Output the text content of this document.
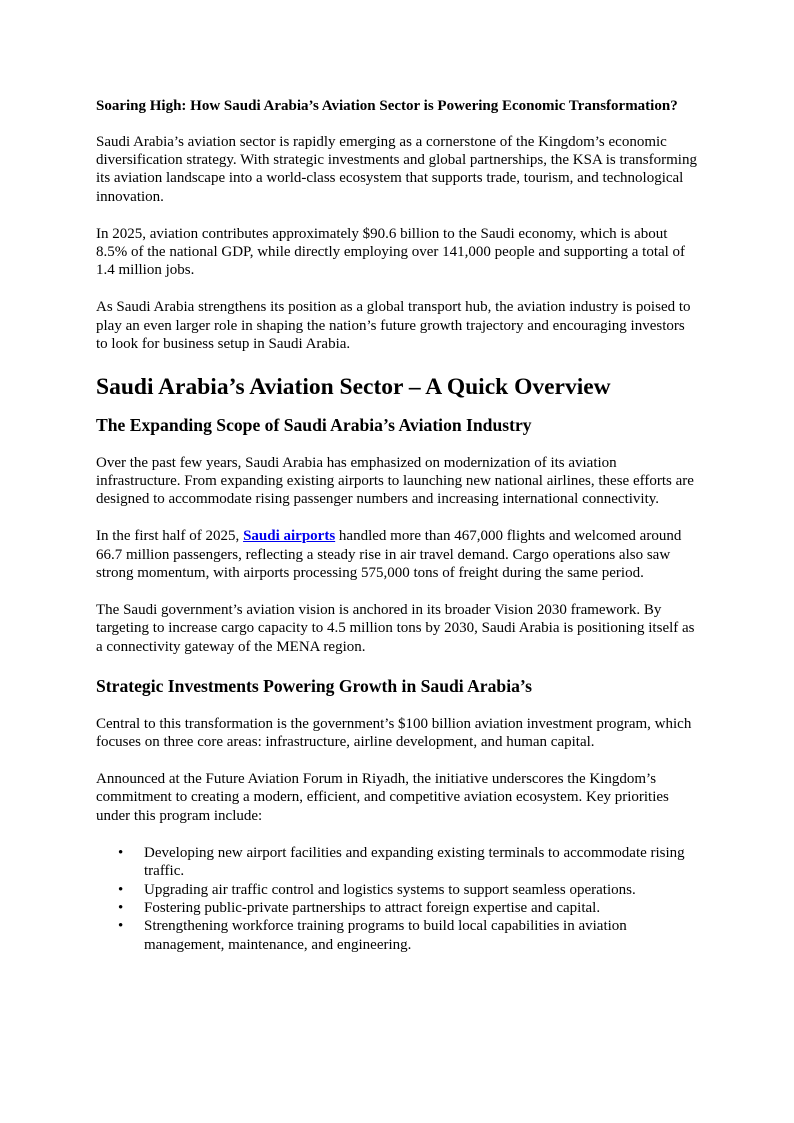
Soaring High: How Saudi Arabia’s Aviation Sector is Powering Economic Transformation?

Saudi Arabia’s aviation sector is rapidly emerging as a cornerstone of the Kingdom’s economic diversification strategy. With strategic investments and global partnerships, the KSA is transforming its aviation landscape into a world-class ecosystem that supports trade, tourism, and technological innovation.

In 2025, aviation contributes approximately $90.6 billion to the Saudi economy, which is about 8.5% of the national GDP, while directly employing over 141,000 people and supporting a total of 1.4 million jobs.

As Saudi Arabia strengthens its position as a global transport hub, the aviation industry is poised to play an even larger role in shaping the nation’s future growth trajectory and encouraging investors to look for business setup in Saudi Arabia.

Saudi Arabia’s Aviation Sector – A Quick Overview
The Expanding Scope of Saudi Arabia’s Aviation Industry

Over the past few years, Saudi Arabia has emphasized on modernization of its aviation infrastructure. From expanding existing airports to launching new national airlines, these efforts are designed to accommodate rising passenger numbers and increasing international connectivity.

In the first half of 2025, Saudi airports handled more than 467,000 flights and welcomed around 66.7 million passengers, reflecting a steady rise in air travel demand. Cargo operations also saw strong momentum, with airports processing 575,000 tons of freight during the same period.

The Saudi government’s aviation vision is anchored in its broader Vision 2030 framework. By targeting to increase cargo capacity to 4.5 million tons by 2030, Saudi Arabia is positioning itself as a connectivity gateway of the MENA region.

Strategic Investments Powering Growth in Saudi Arabia’s

Central to this transformation is the government’s $100 billion aviation investment program, which focuses on three core areas: infrastructure, airline development, and human capital.

Announced at the Future Aviation Forum in Riyadh, the initiative underscores the Kingdom’s commitment to creating a modern, efficient, and competitive aviation ecosystem. Key priorities under this program include:

• Developing new airport facilities and expanding existing terminals to accommodate rising traffic.
• Upgrading air traffic control and logistics systems to support seamless operations.
• Fostering public-private partnerships to attract foreign expertise and capital.
• Strengthening workforce training programs to build local capabilities in aviation management, maintenance, and engineering.
